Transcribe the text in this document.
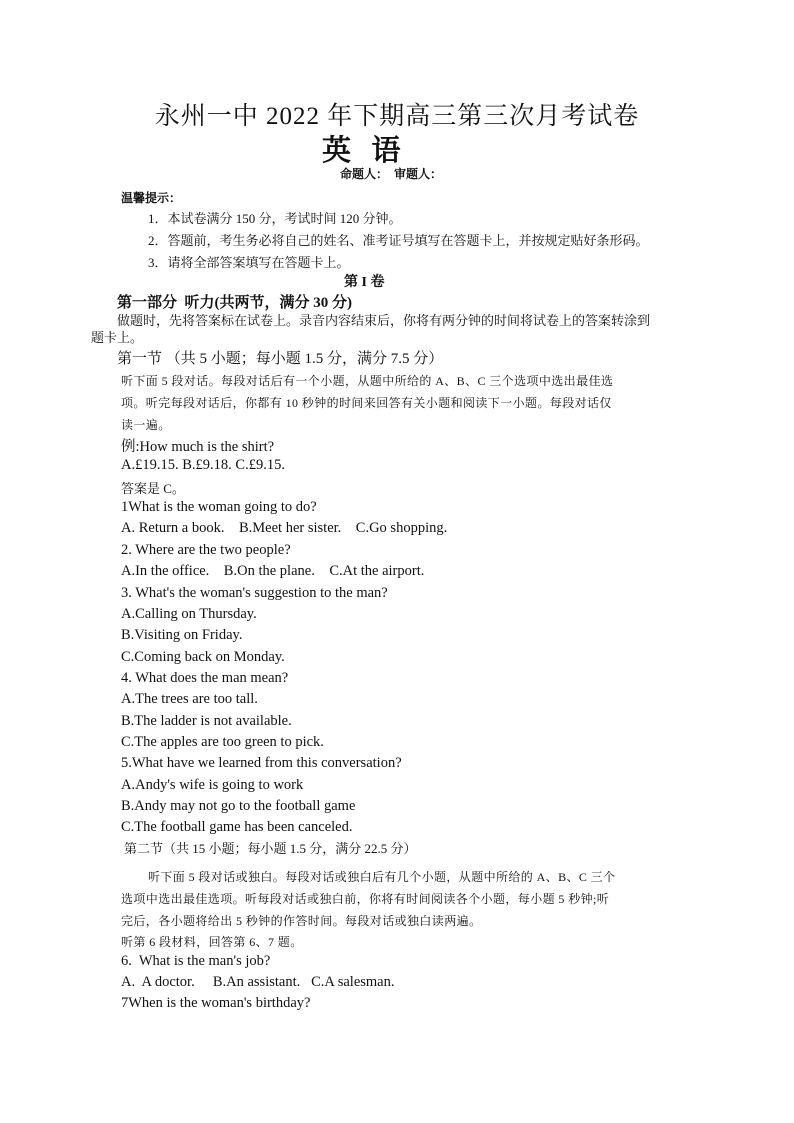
永州一中 2022 年下期高三第三次月考试卷
英  语
命题人：  审题人：
温馨提示：
1．本试卷满分 150 分，考试时间 120 分钟。
2．答题前，考生务必将自己的姓名、准考证号填写在答题卡上，并按规定贴好条形码。
3．请将全部答案填写在答题卡上。
第 I 卷
第一部分  听力(共两节，满分 30 分)
做题时，先将答案标在试卷上。录音内容结束后，你将有两分钟的时间将试卷上的答案转涂到
题卡上。
第一节 （共 5 小题；每小题 1.5 分，满分 7.5 分）
听下面 5 段对话。每段对话后有一个小题，从题中所给的 A、B、C 三个选项中选出最佳选
项。听完每段对话后，你都有 10 秒钟的时间来回答有关小题和阅读下一小题。每段对话仅
读一遍。
例:How much is the shirt?
A.£19.15. B.£9.18. C.£9.15.
答案是 C。
1What is the woman going to do?
A. Return a book.    B.Meet her sister.    C.Go shopping.
2. Where are the two people?
A.In the office.    B.On the plane.    C.At the airport.
3. What's the woman's suggestion to the man?
A.Calling on Thursday.
B.Visiting on Friday.
C.Coming back on Monday.
4. What does the man mean?
A.The trees are too tall.
B.The ladder is not available.
C.The apples are too green to pick.
5.What have we learned from this conversation?
A.Andy's wife is going to work
B.Andy may not go to the football game
C.The football game has been canceled.
第二节（共 15 小题；每小题 1.5 分，满分 22.5 分）
听下面 5 段对话或独白。每段对话或独白后有几个小题，从题中所给的 A、B、C 三个
选项中选出最佳选项。听每段对话或独白前，你将有时间阅读各个小题，每小题 5 秒钟;听
完后，各小题将给出 5 秒钟的作答时间。每段对话或独白读两遍。
听第 6 段材料，回答第 6、7 题。
6.  What is the man's job?
A.  A doctor.     B.An assistant.   C.A salesman.
7When is the woman's birthday?
